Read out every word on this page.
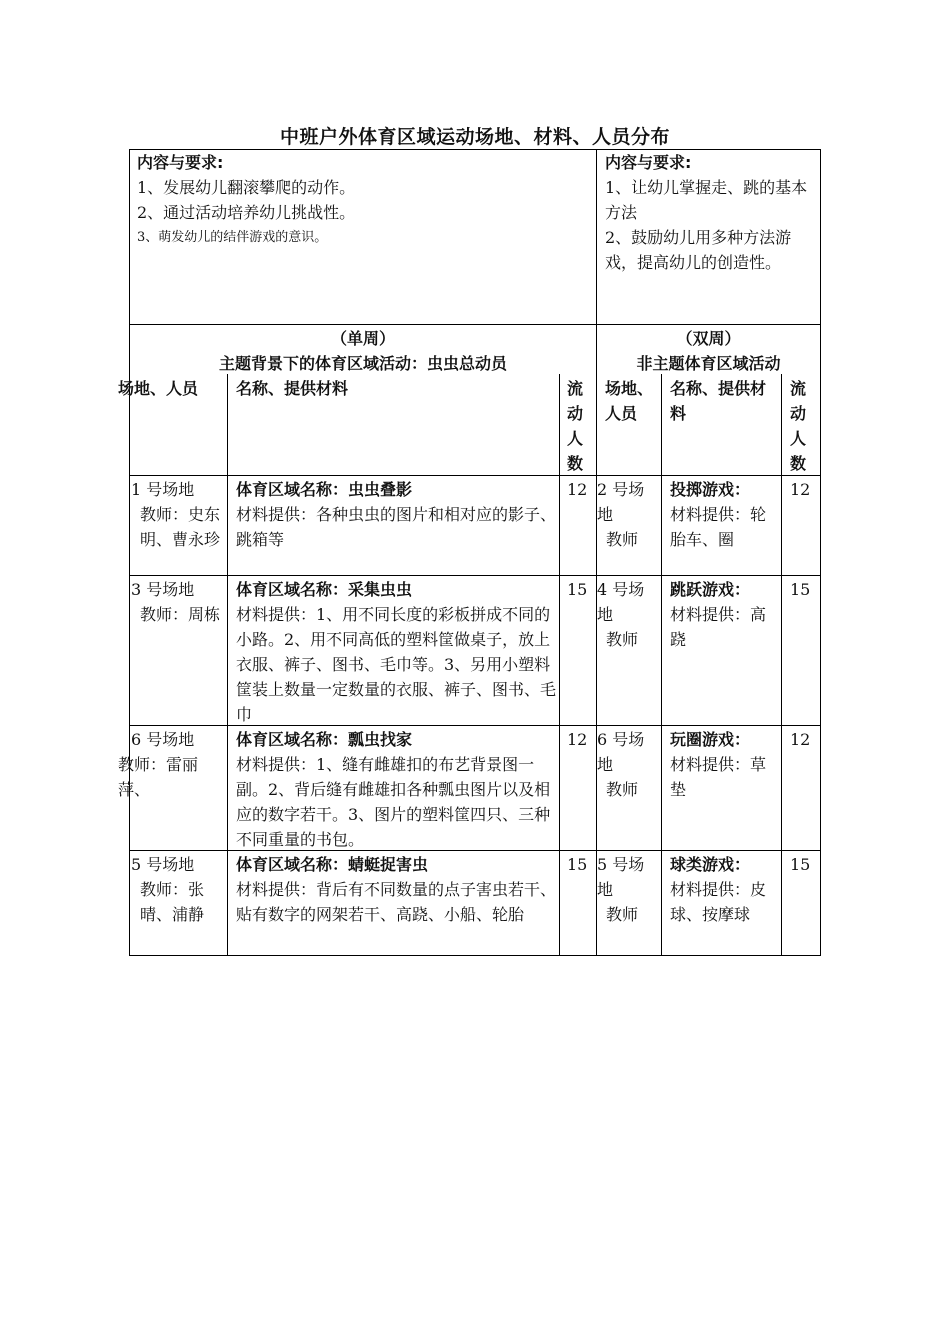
中班户外体育区域运动场地、材料、人员分布

内容与要求:

1、发展幼儿翻滚攀爬的动作。

2、通过活动培养幼儿挑战性。

3、萌发幼儿的结伴游戏的意识。

内容与要求:

1、让幼儿掌握走、跳的基本方法

2、鼓励幼儿用多种方法游戏，提高幼儿的创造性。

（单周）

主题背景下的体育区域活动：虫虫总动员

（双周）

非主题体育区域活动

场地、人员	名称、提供材料	流动人数
场地、人员
名称、提供材料
流动人数

1 号场地

教师：史东明、曹永珍

体育区域名称：虫虫叠影

材料提供：各种虫虫的图片和相对应的影子、跳箱等

12 2 号场地

教师

投掷游戏：

材料提供：轮胎车、圈

12

3 号场地

教师：周栋

体育区域名称：采集虫虫

材料提供：1、用不同长度的彩板拼成不同的小路。2、用不同高低的塑料筐做桌子，放上衣服、裤子、图书、毛巾等。3、另用小塑料筐装上数量一定数量的衣服、裤子、图书、毛巾

15 4 号场地

教师

跳跃游戏：

材料提供：高跷

15

6 号场地

教师：雷丽萍、

体育区域名称：瓢虫找家

材料提供：1、缝有雌雄扣的布艺背景图一副。2、背后缝有雌雄扣各种瓢虫图片以及相应的数字若干。3、图片的塑料筐四只、三种不同重量的书包。

12 6 号场地

教师

玩圈游戏：

材料提供：草垫

12

5 号场地

教师：张晴、浦静

体育区域名称：蜻蜓捉害虫

材料提供：背后有不同数量的点子害虫若干、贴有数字的网架若干、高跷、小船、轮胎

15 5 号场地

教师

球类游戏：

材料提供：皮球、按摩球

15
